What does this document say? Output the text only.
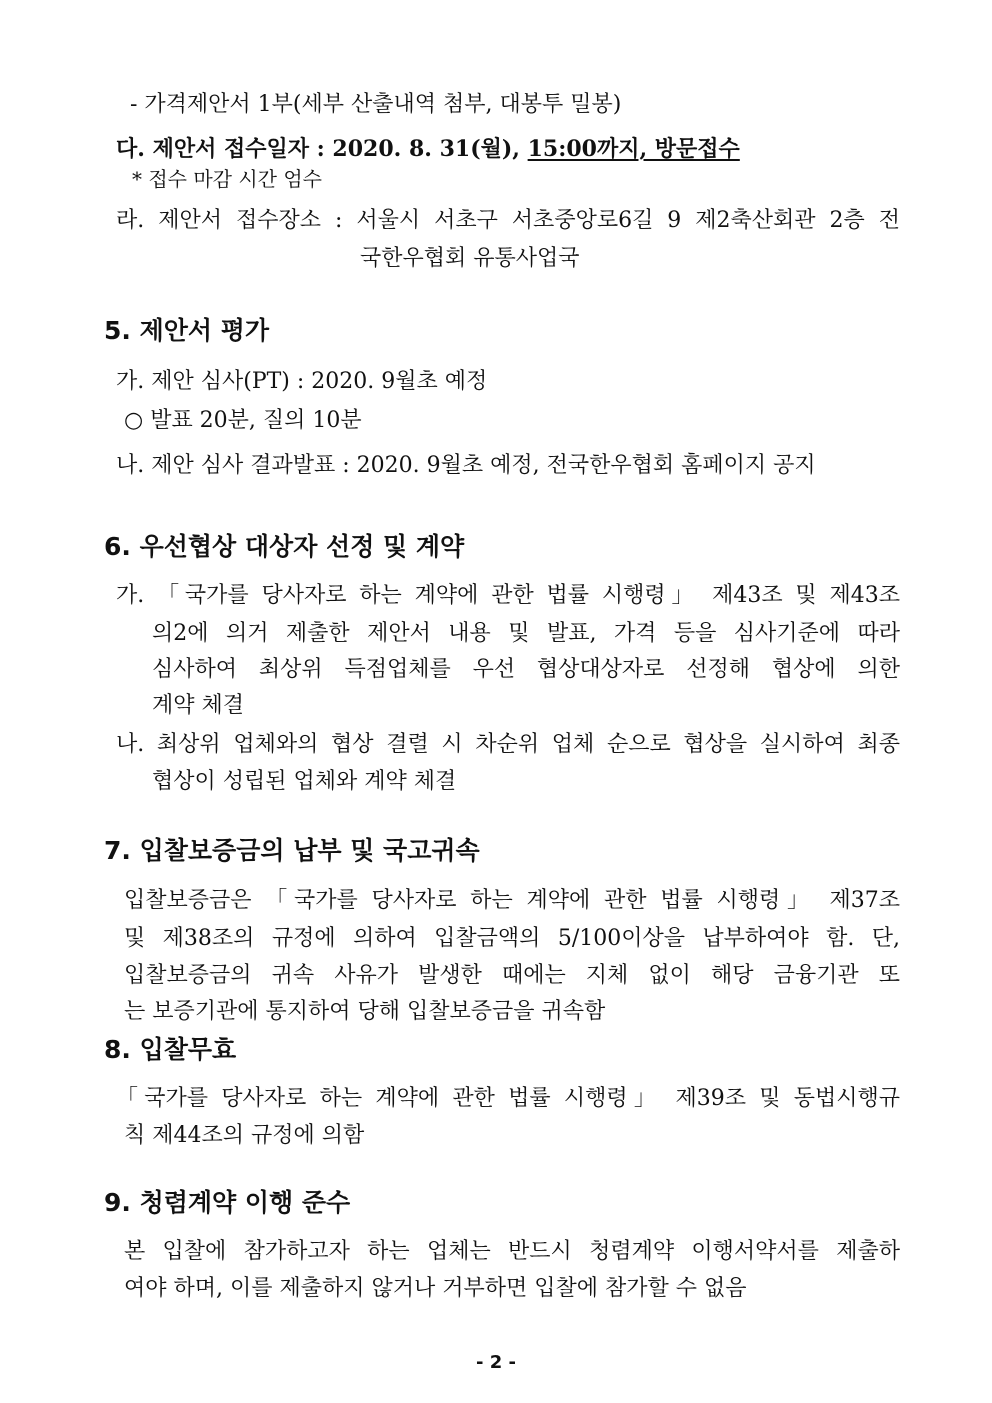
- 가격제안서 1부(세부 산출내역 첨부, 대봉투 밀봉)
다. 제안서 접수일자 : 2020. 8. 31(월), 15:00까지, 방문접수
* 접수 마감 시간 엄수
라. 제안서 접수장소 : 서울시 서초구 서초중앙로6길 9 제2축산회관 2층 전
국한우협회 유통사업국
5. 제안서 평가
가. 제안 심사(PT) : 2020. 9월초 예정
○ 발표 20분, 질의 10분
나. 제안 심사 결과발표 : 2020. 9월초 예정, 전국한우협회 홈페이지 공지
6. 우선협상 대상자 선정 및 계약
가. 「국가를 당사자로 하는 계약에 관한 법률 시행령」 제43조 및 제43조
의2에 의거 제출한 제안서 내용 및 발표, 가격 등을 심사기준에 따라
심사하여 최상위 득점업체를 우선 협상대상자로 선정해 협상에 의한
계약 체결
나. 최상위 업체와의 협상 결렬 시 차순위 업체 순으로 협상을 실시하여 최종
협상이 성립된 업체와 계약 체결
7. 입찰보증금의 납부 및 국고귀속
입찰보증금은 「국가를 당사자로 하는 계약에 관한 법률 시행령」 제37조
및 제38조의 규정에 의하여 입찰금액의 5/100이상을 납부하여야 함. 단,
입찰보증금의 귀속 사유가 발생한 때에는 지체 없이 해당 금융기관 또
는 보증기관에 통지하여 당해 입찰보증금을 귀속함
8. 입찰무효
「국가를 당사자로 하는 계약에 관한 법률 시행령」 제39조 및 동법시행규
칙 제44조의 규정에 의함
9. 청렴계약 이행 준수
본 입찰에 참가하고자 하는 업체는 반드시 청렴계약 이행서약서를 제출하
여야 하며, 이를 제출하지 않거나 거부하면 입찰에 참가할 수 없음
- 2 -
